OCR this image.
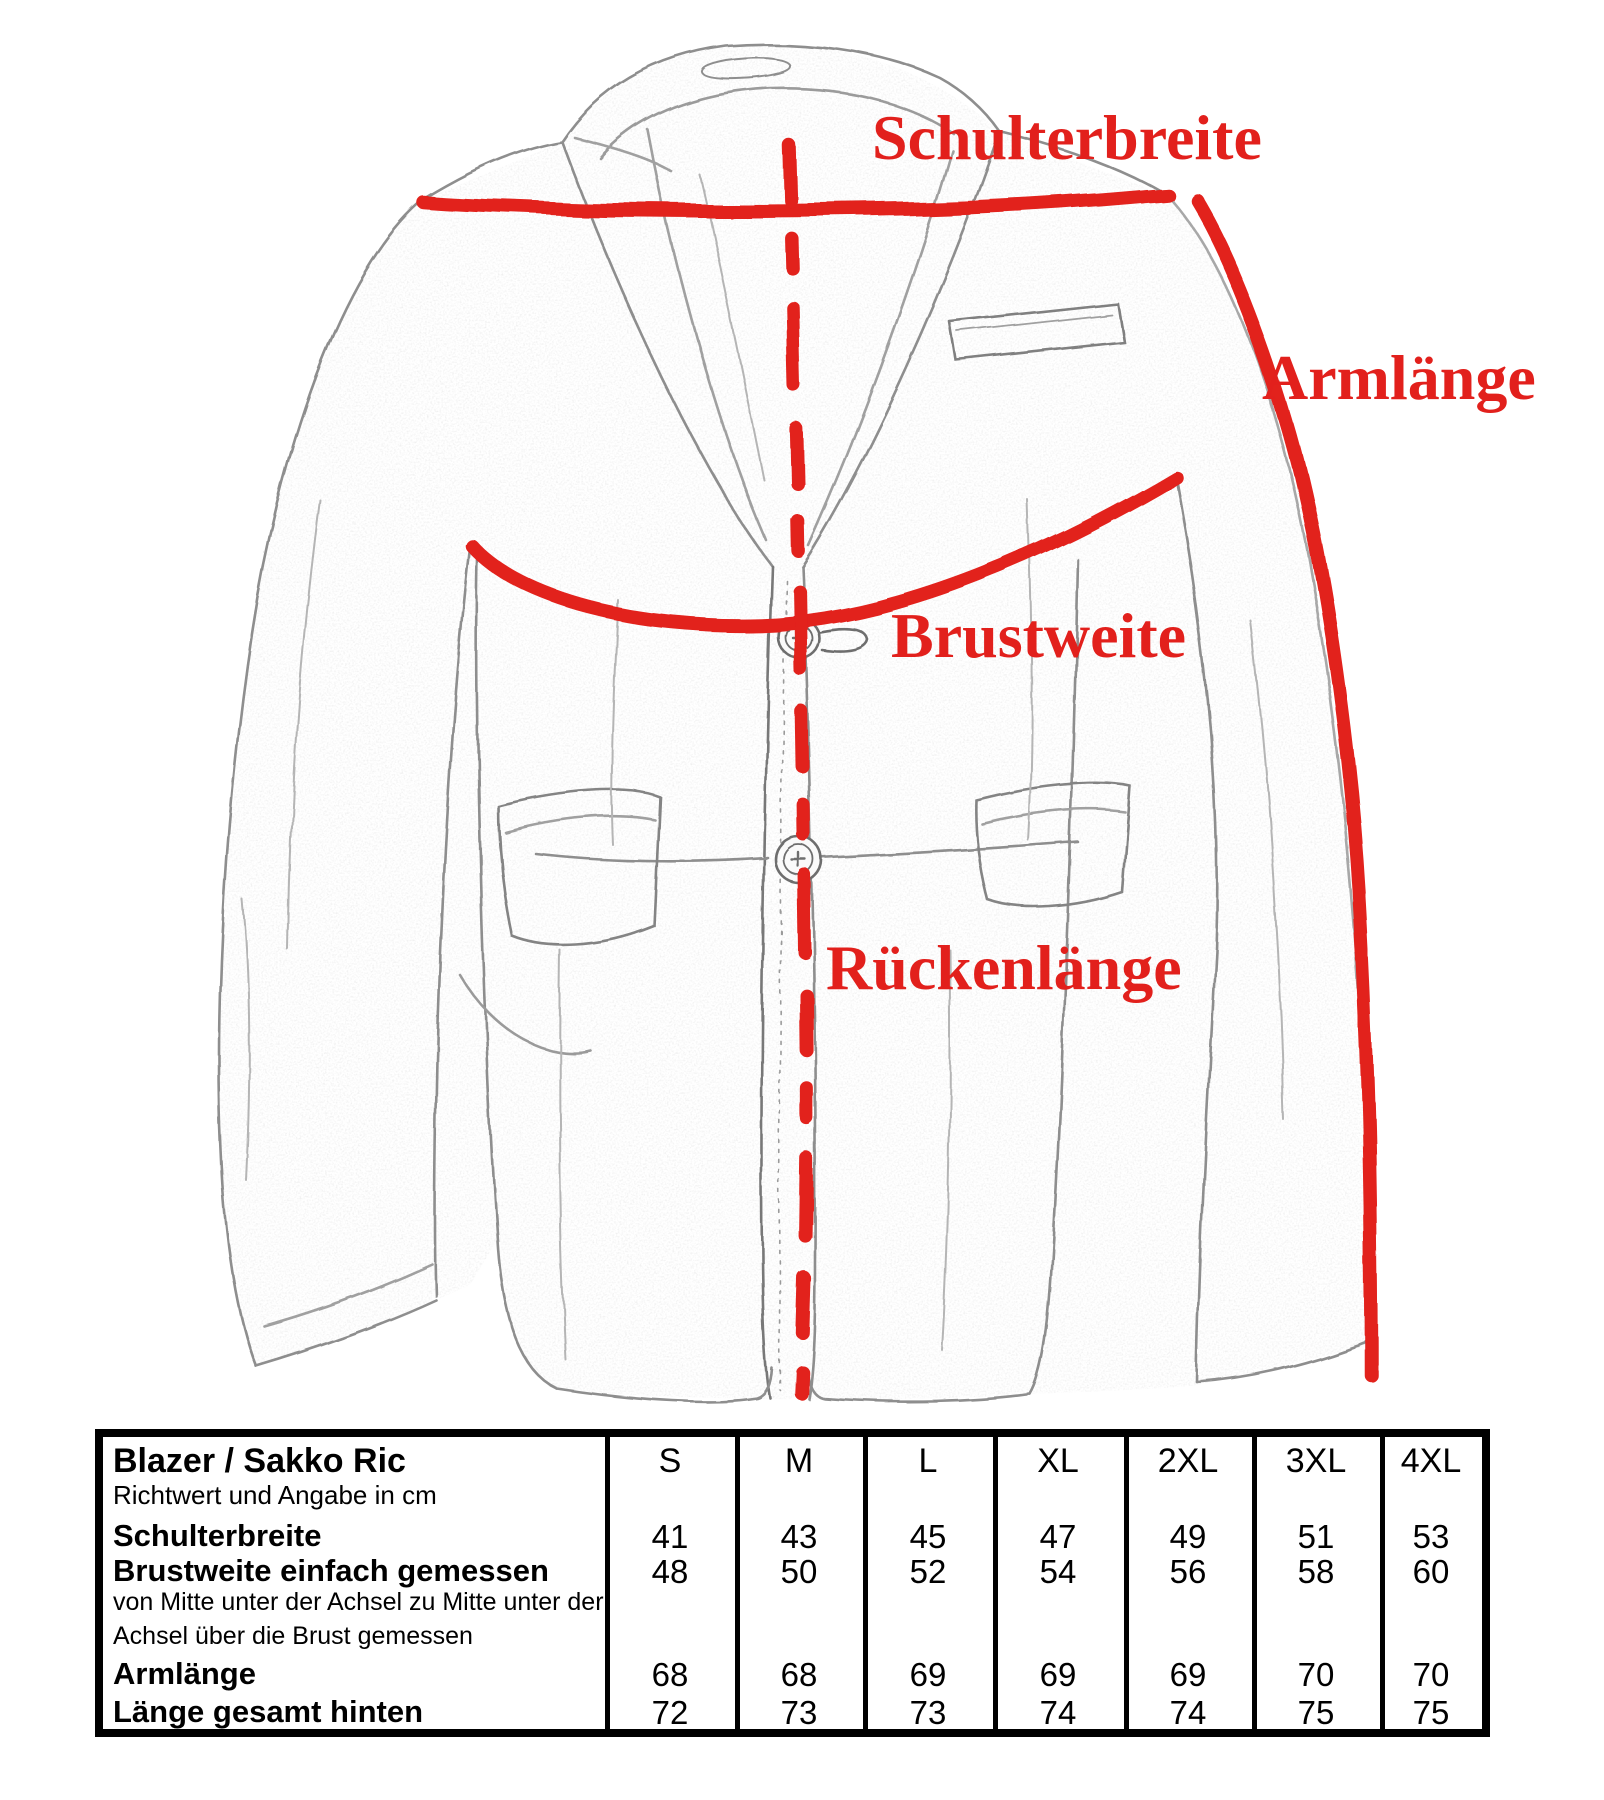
Schulterbreite
Armlänge
Brustweite
Rückenlänge
Blazer / Sakko Ric	S	M	L	XL 2XL 3XL 4XL
Richtwert und Angabe in cm
Schulterbreite	41	43	45	47	49	51 53
Brustweite einfach gemessen	48	50	52	54	56	58 60
von Mitte unter der Achsel zu Mitte unter der
Achsel über die Brust gemessen
Armlänge	68	68	69	69	69	70 70
Länge gesamt hinten	72	73	73	74	74	75 75
